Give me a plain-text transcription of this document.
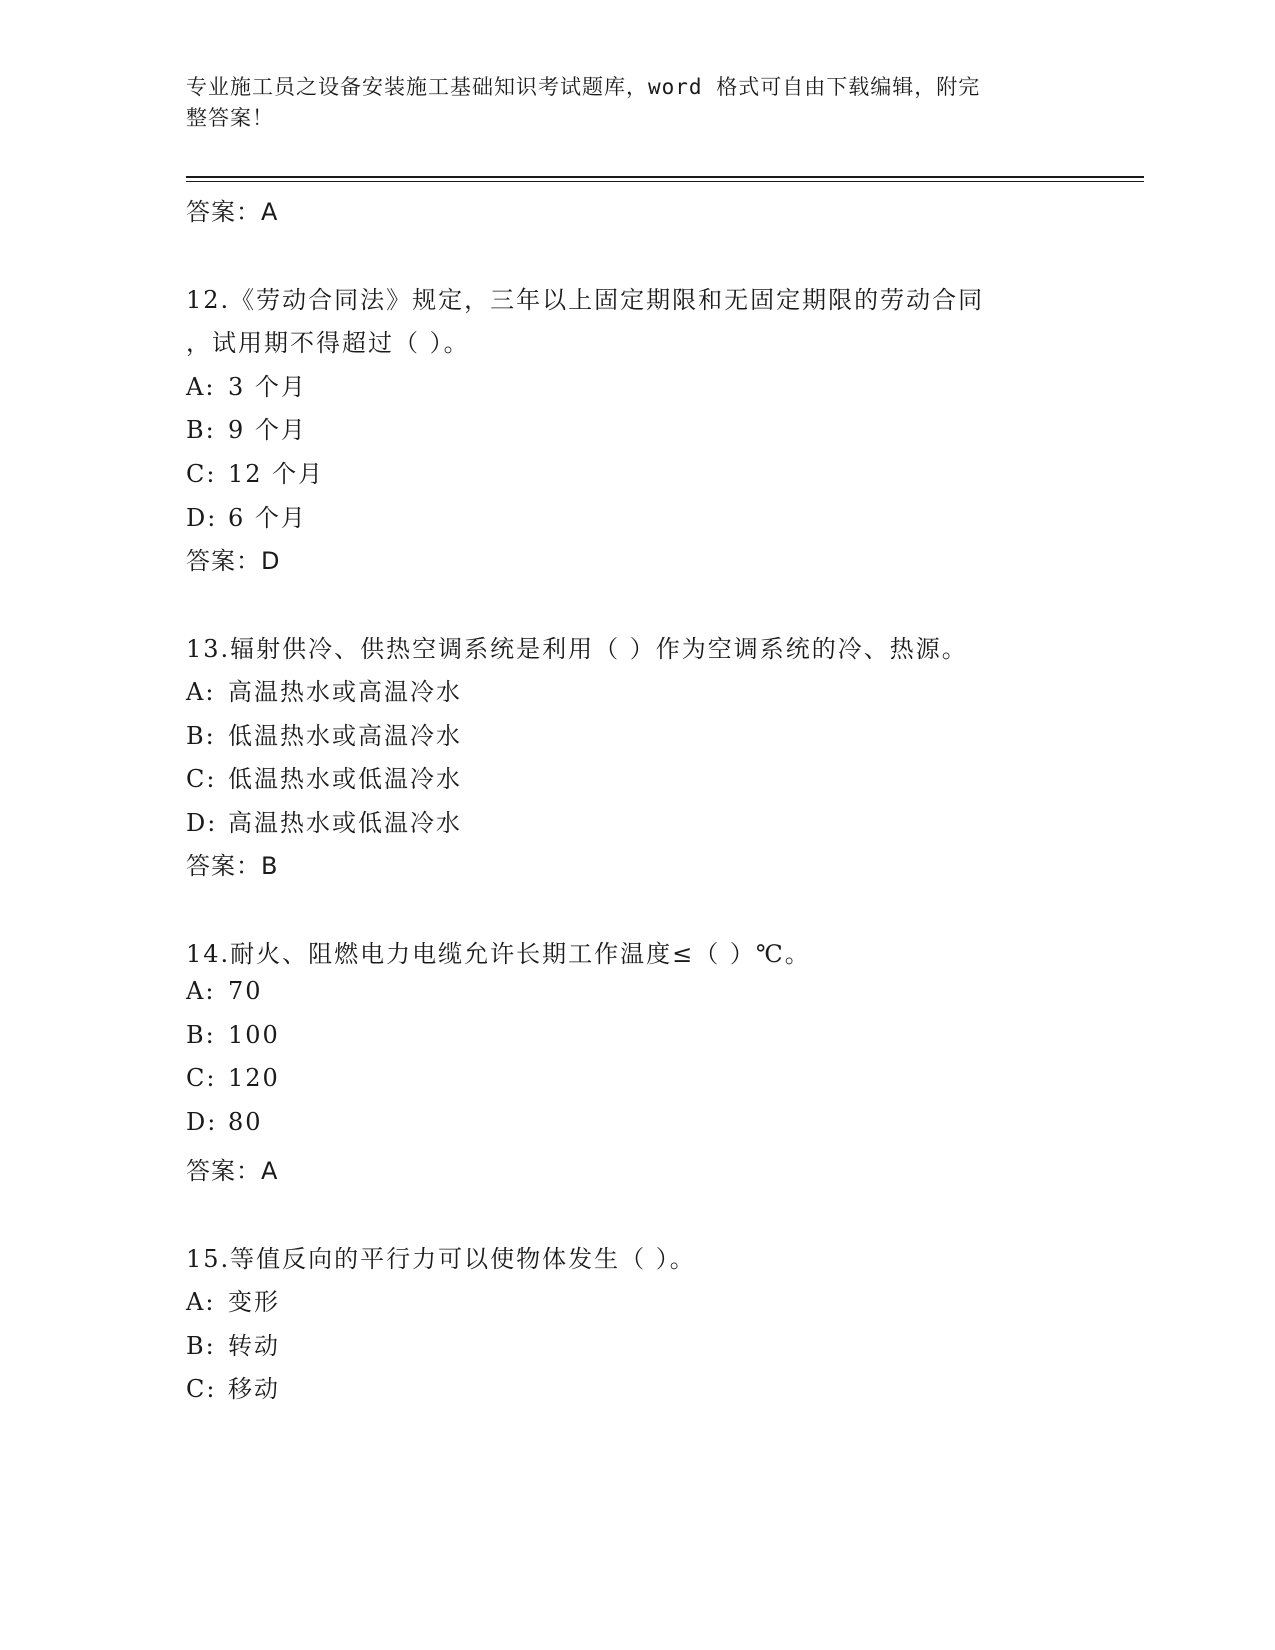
专业施工员之设备安装施工基础知识考试题库，word 格式可自由下载编辑，附完
整答案！
答案：A
12.《劳动合同法》规定，三年以上固定期限和无固定期限的劳动合同
，试用期不得超过（ ）。
A: 3 个月
B: 9 个月
C: 12 个月
D: 6 个月
答案：D
13.辐射供冷、供热空调系统是利用（ ）作为空调系统的冷、热源。
A: 高温热水或高温冷水
B: 低温热水或高温冷水
C: 低温热水或低温冷水
D: 高温热水或低温冷水
答案：B
14.耐火、阻燃电力电缆允许长期工作温度≤（ ）℃。
A: 70
B: 100
C: 120
D: 80
答案：A
15.等值反向的平行力可以使物体发生（ ）。
A: 变形
B: 转动
C: 移动
